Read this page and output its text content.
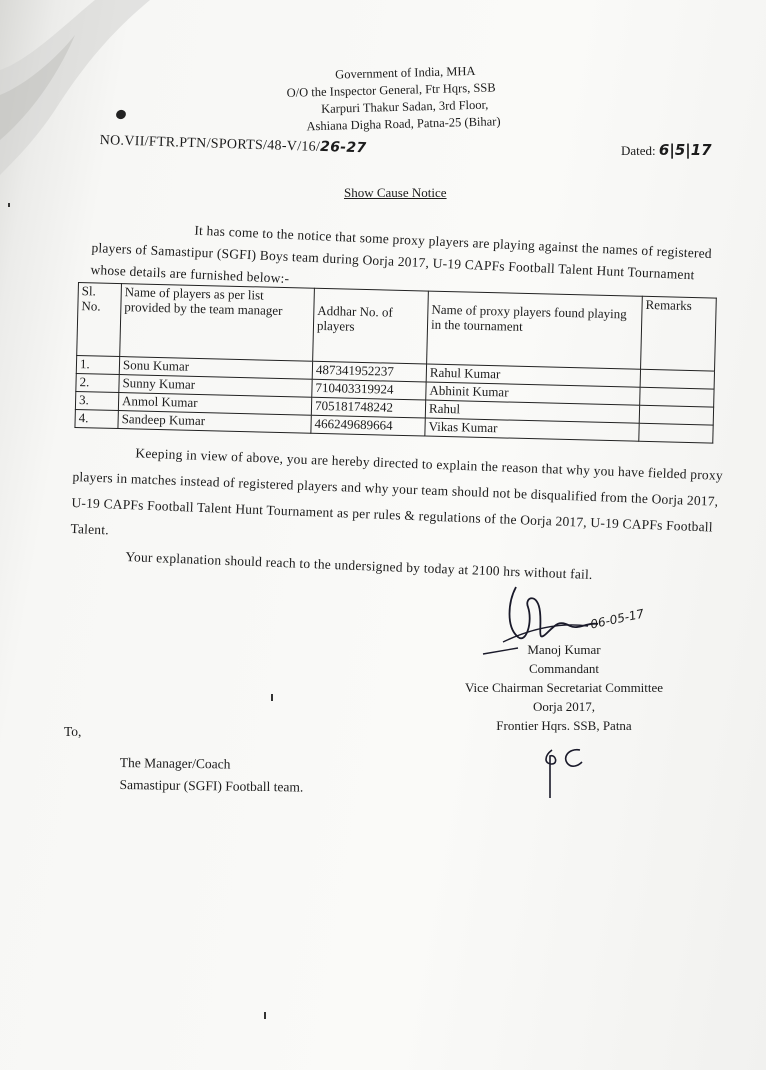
Government of India, MHA
O/O the Inspector General, Ftr Hqrs, SSB
Karpuri Thakur Sadan, 3rd Floor,
Ashiana Digha Road, Patna-25 (Bihar)
NO.VII/FTR.PTN/SPORTS/48-V/16/26-27	Dated: 6|5|17
Show Cause Notice
It has come to the notice that some proxy players are playing against the names of registered players of Samastipur (SGFI) Boys team during Oorja 2017, U-19 CAPFs Football Talent Hunt Tournament whose details are furnished below:-
Sl. No.	Name of players as per list provided by the team manager	Addhar No. of players	Name of proxy players found playing in the tournament	Remarks
1.	Sonu Kumar	487341952237	Rahul Kumar	
2.	Sunny Kumar	710403319924	Abhinit Kumar	
3.	Anmol Kumar	705181748242	Rahul	
4.	Sandeep Kumar	466249689664	Vikas Kumar	

Keeping in view of above, you are hereby directed to explain the reason that why you have fielded proxy players in matches instead of registered players and why your team should not be disqualified from the Oorja 2017, U-19 CAPFs Football Talent Hunt Tournament as per rules & regulations of the Oorja 2017, U-19 CAPFs Football Talent.

Your explanation should reach to the undersigned by today at 2100 hrs without fail.

06-05-17
Manoj Kumar
Commandant
Vice Chairman Secretariat Committee
Oorja 2017,
Frontier Hqrs. SSB, Patna
To,
The Manager/Coach
Samastipur (SGFI) Football team.
